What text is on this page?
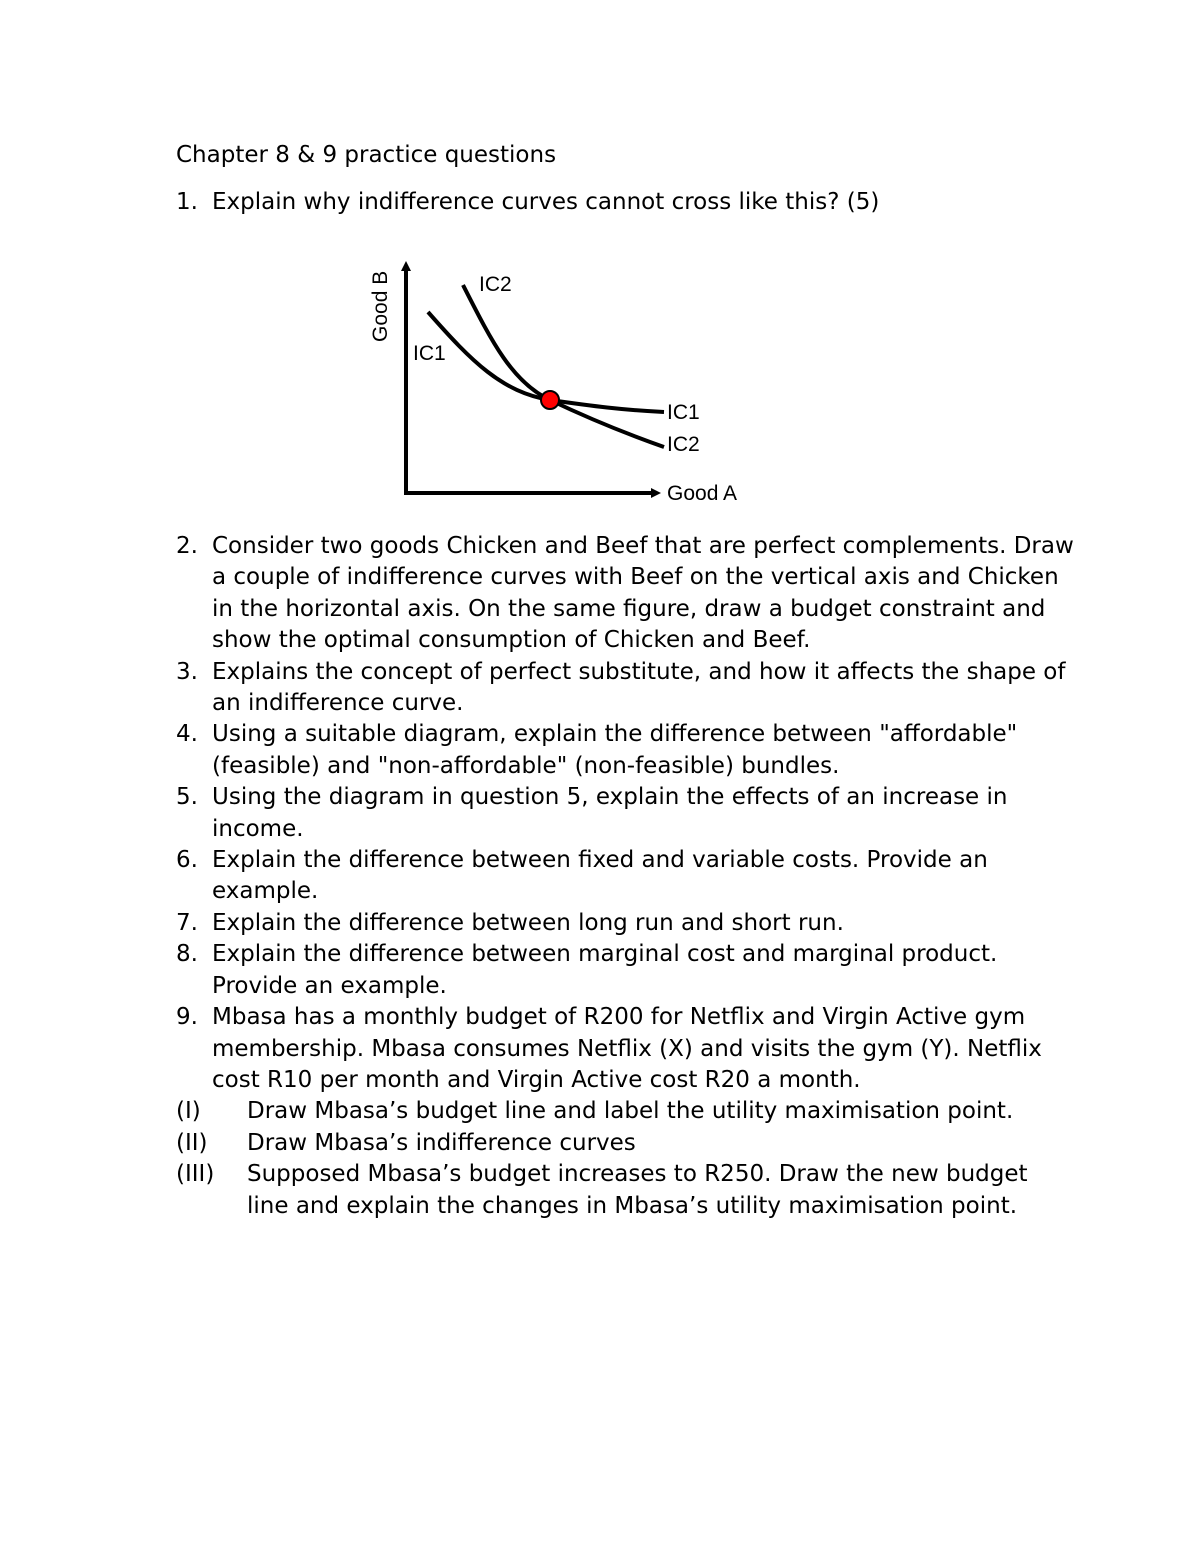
Chapter 8 & 9 practice questions
1. Explain why indifference curves cannot cross like this? (5)
Good B	IC2
IC1
IC1
IC2
Good A
2. Consider two goods Chicken and Beef that are perfect complements. Draw a couple of indifference curves with Beef on the vertical axis and Chicken in the horizontal axis. On the same figure, draw a budget constraint and show the optimal consumption of Chicken and Beef.
3. Explains the concept of perfect substitute, and how it affects the shape of an indifference curve.
4. Using a suitable diagram, explain the difference between "affordable" (feasible) and "non-affordable" (non-feasible) bundles.
5. Using the diagram in question 5, explain the effects of an increase in income.
6. Explain the difference between fixed and variable costs. Provide an example.
7. Explain the difference between long run and short run.
8. Explain the difference between marginal cost and marginal product. Provide an example.
9. Mbasa has a monthly budget of R200 for Netflix and Virgin Active gym membership. Mbasa consumes Netflix (X) and visits the gym (Y). Netflix cost R10 per month and Virgin Active cost R20 a month.
(I) Draw Mbasa’s budget line and label the utility maximisation point.
(II) Draw Mbasa’s indifference curves
(III) Supposed Mbasa’s budget increases to R250. Draw the new budget line and explain the changes in Mbasa’s utility maximisation point.
